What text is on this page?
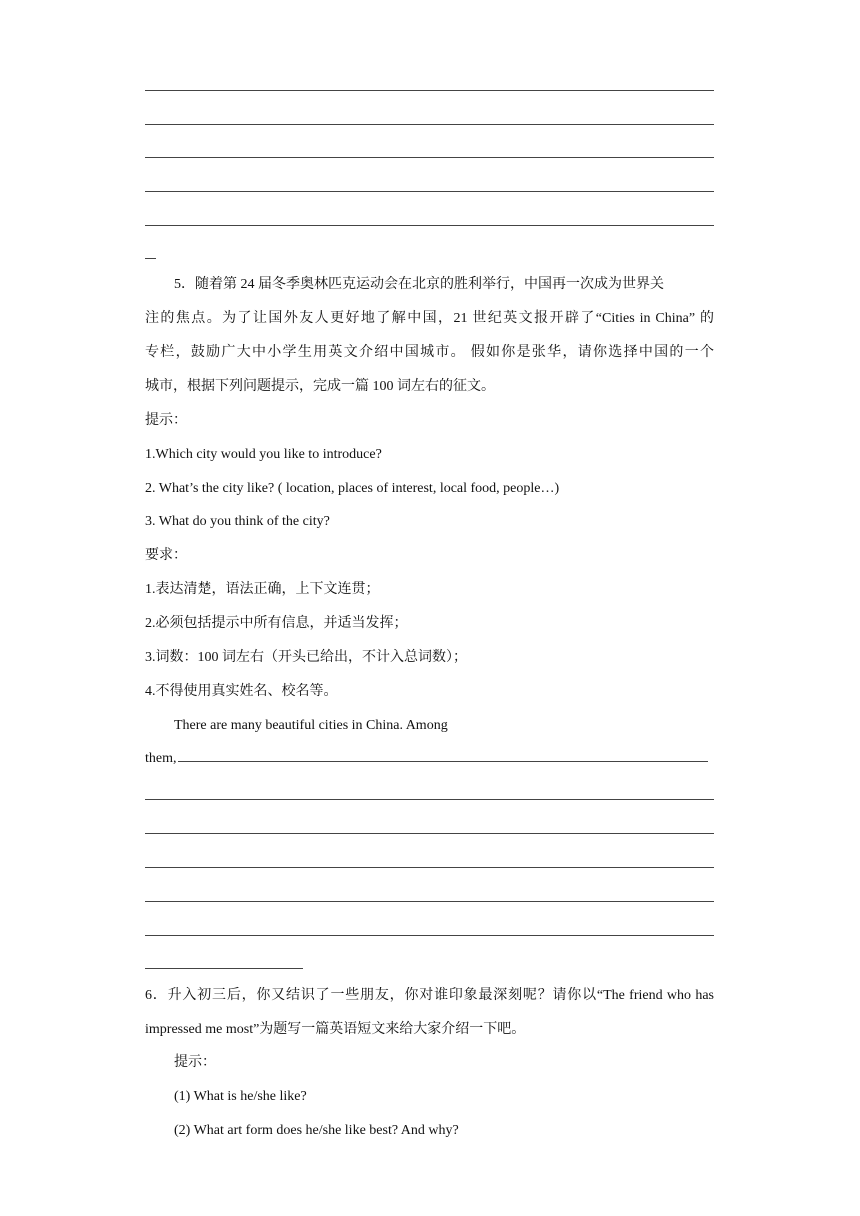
5．随着第 24 届冬季奥林匹克运动会在北京的胜利举行，中国再一次成为世界关
注的焦点。为了让国外友人更好地了解中国，21 世纪英文报开辟了“Cities in China” 的
专栏，鼓励广大中小学生用英文介绍中国城市。 假如你是张华，请你选择中国的一个
城市，根据下列问题提示，完成一篇 100 词左右的征文。
提示：
1.Which city would you like to introduce?
2. What’s the city like? ( location, places of interest, local food, people…)
3. What do you think of the city?
要求：
1.表达清楚，语法正确，上下文连贯；
2.必须包括提示中所有信息，并适当发挥；
3.词数：100 词左右（开头已给出，不计入总词数）；
4.不得使用真实姓名、校名等。
There are many beautiful cities in China. Among
them,
6．升入初三后，你又结识了一些朋友，你对谁印象最深刻呢？请你以“The friend who has
impressed me most”为题写一篇英语短文来给大家介绍一下吧。
提示：
(1) What is he/she like?
(2) What art form does he/she like best? And why?
